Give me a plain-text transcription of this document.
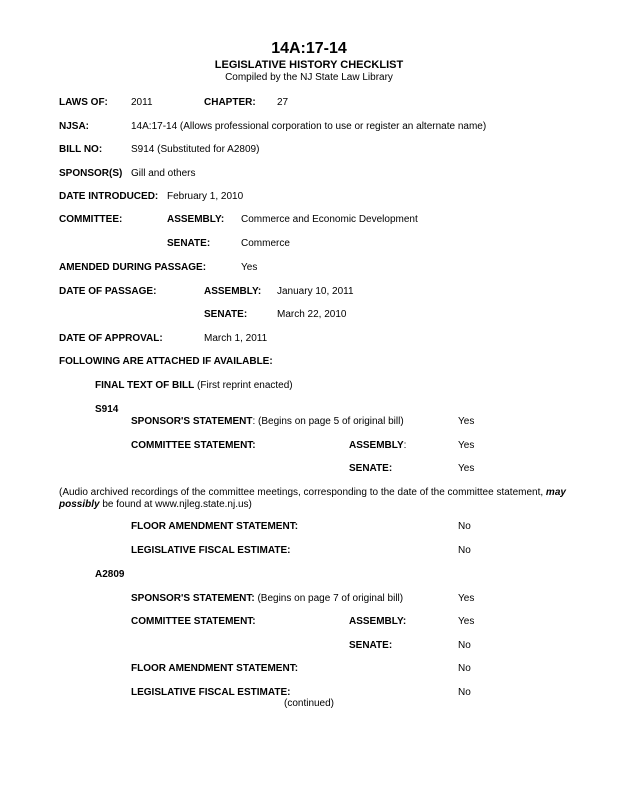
14A:17-14
LEGISLATIVE HISTORY CHECKLIST
Compiled by the NJ State Law Library
LAWS OF: 2011	CHAPTER: 27
NJSA:	14A:17-14 (Allows professional corporation to use or register an alternate name)
BILL NO:	S914 (Substituted for A2809)
SPONSOR(S) Gill and others
DATE INTRODUCED: February 1, 2010
COMMITTEE:	ASSEMBLY: Commerce and Economic Development
SENATE:	Commerce
AMENDED DURING PASSAGE:	Yes
DATE OF PASSAGE:	ASSEMBLY: January 10, 2011
SENATE:	March 22, 2010
DATE OF APPROVAL:	March 1, 2011
FOLLOWING ARE ATTACHED IF AVAILABLE:
FINAL TEXT OF BILL (First reprint enacted)
S914
SPONSOR'S STATEMENT: (Begins on page 5 of original bill)	Yes
COMMITTEE STATEMENT:	ASSEMBLY:	Yes
SENATE:	Yes
(Audio archived recordings of the committee meetings, corresponding to the date of the committee statement, may possibly be found at www.njleg.state.nj.us)
FLOOR AMENDMENT STATEMENT:	No
LEGISLATIVE FISCAL ESTIMATE:	No
A2809
SPONSOR'S STATEMENT: (Begins on page 7 of original bill)	Yes
COMMITTEE STATEMENT:	ASSEMBLY:	Yes
SENATE:	No
FLOOR AMENDMENT STATEMENT:	No
LEGISLATIVE FISCAL ESTIMATE:	No
(continued)
